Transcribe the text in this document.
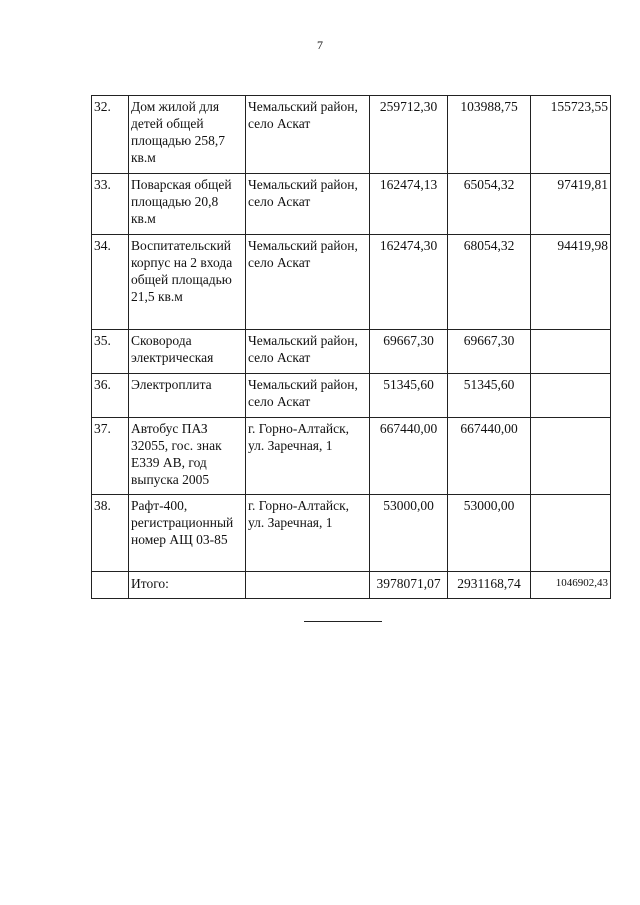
7
32.	Дом жилой для детей общей площадью 258,7 кв.м	Чемальский район, село Аскат	259712,30	103988,75	155723,55
33.	Поварская общей площадью 20,8 кв.м	Чемальский район, село Аскат	162474,13	65054,32	97419,81
34.	Воспитательский корпус на 2 входа общей площадью 21,5 кв.м	Чемальский район, село Аскат	162474,30	68054,32	94419,98
35.	Сковорода электрическая	Чемальский район, село Аскат	69667,30	69667,30	
36.	Электроплита	Чемальский район, село Аскат	51345,60	51345,60	
37.	Автобус ПАЗ 32055, гос. знак Е339 АВ, год выпуска 2005	г. Горно-Алтайск, ул. Заречная, 1	667440,00	667440,00	
38.	Рафт-400, регистрационный номер АЩ 03-85	г. Горно-Алтайск, ул. Заречная, 1	53000,00	53000,00	
	Итого:		3978071,07	2931168,74	1046902,43
